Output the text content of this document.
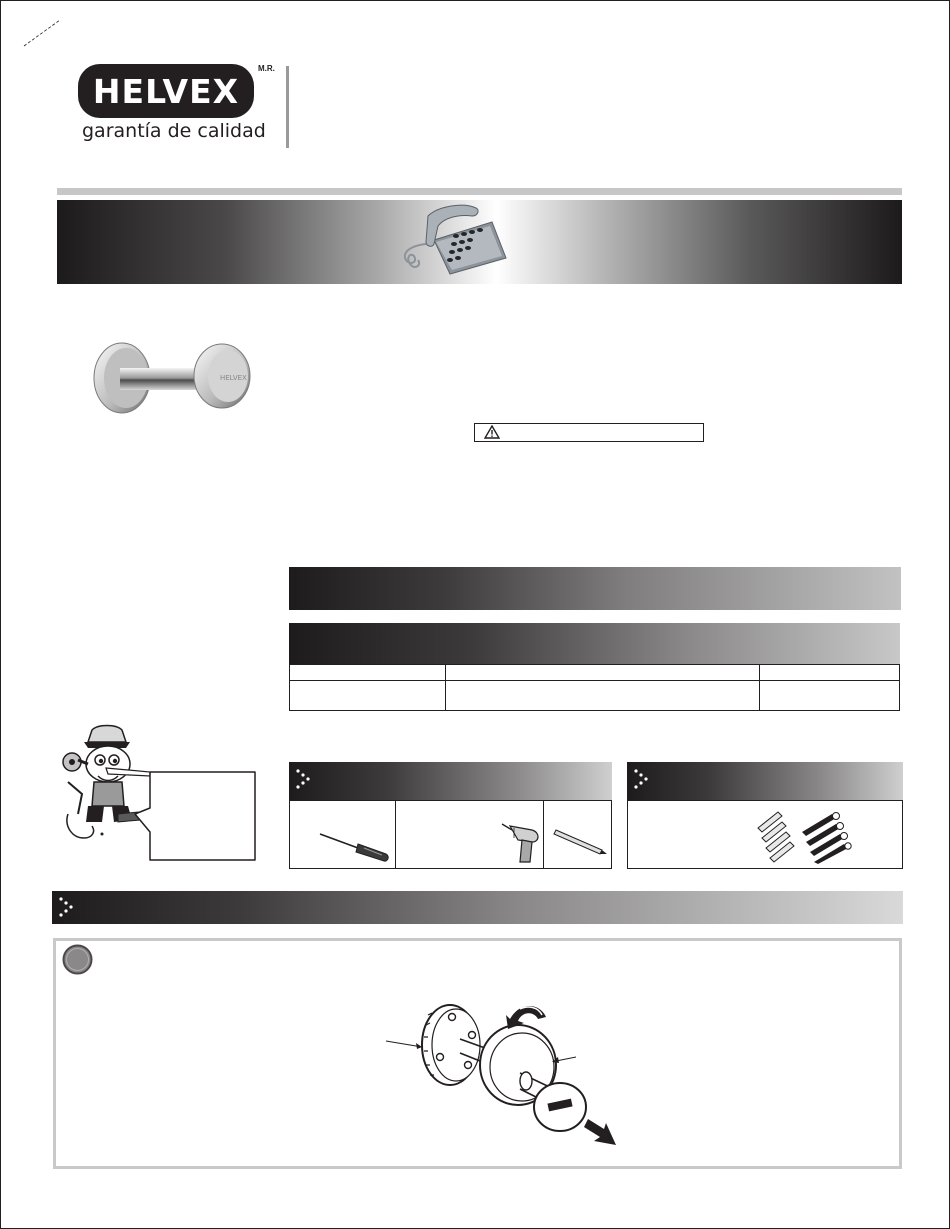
HELVEX
M.R.
garantía de calidad
HELVEX
